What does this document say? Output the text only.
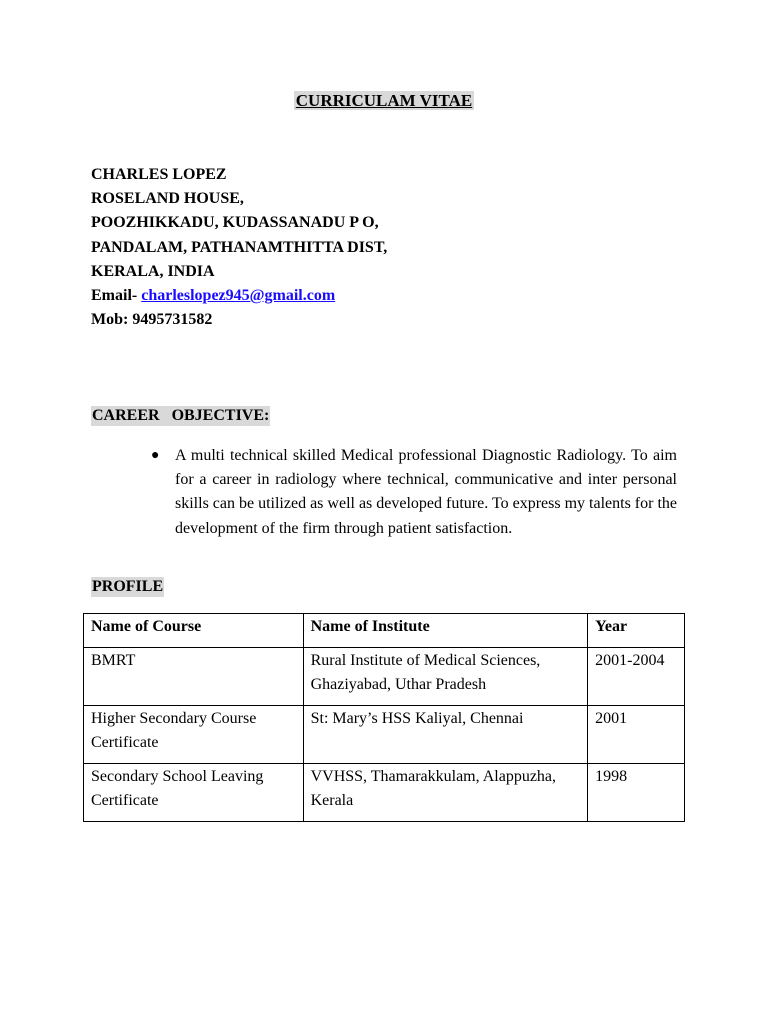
CURRICULAM VITAE
CHARLES LOPEZ
ROSELAND HOUSE,
POOZHIKKADU, KUDASSANADU P O,
PANDALAM, PATHANAMTHITTA DIST,
KERALA, INDIA
Email- charleslopez945@gmail.com
Mob: 9495731582
CAREER   OBJECTIVE:
● A multi technical skilled Medical professional Diagnostic Radiology. To aim for a career in radiology where technical, communicative and inter personal skills can be utilized as well as developed future. To express my talents for the development of the firm through patient satisfaction.

PROFILE
Name of Course	Name of Institute	Year
BMRT	Rural Institute of Medical Sciences, Ghaziyabad, Uthar Pradesh	2001-2004
Higher Secondary Course Certificate	St: Mary’s HSS Kaliyal, Chennai	2001
Secondary School Leaving Certificate	VVHSS, Thamarakkulam, Alappuzha, Kerala	1998
